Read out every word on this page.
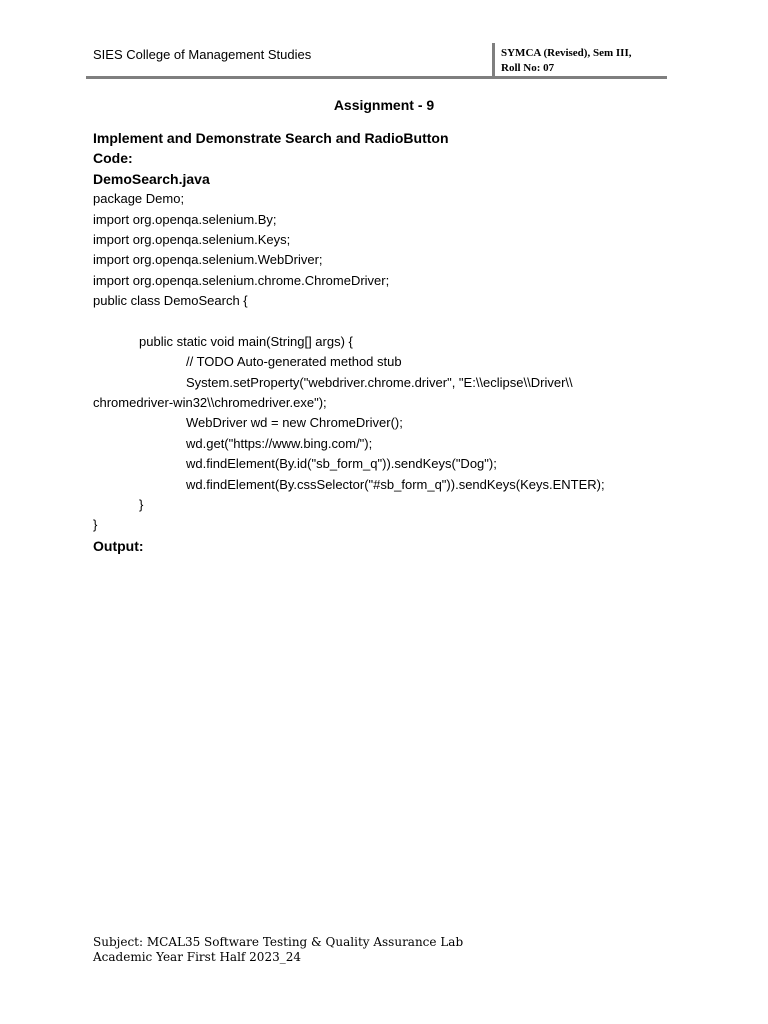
SIES College of Management Studies	SYMCA (Revised), Sem III,
Roll No: 07
Assignment - 9
Implement and Demonstrate Search and RadioButton
Code:
DemoSearch.java
package Demo;
import org.openqa.selenium.By;
import org.openqa.selenium.Keys;
import org.openqa.selenium.WebDriver;
import org.openqa.selenium.chrome.ChromeDriver;
public class DemoSearch {
public static void main(String[] args) {
// TODO Auto-generated method stub
System.setProperty("webdriver.chrome.driver", "E:\\eclipse\\Driver\\
chromedriver-win32\\chromedriver.exe");
WebDriver wd = new ChromeDriver();
wd.get("https://www.bing.com/");
wd.findElement(By.id("sb_form_q")).sendKeys("Dog");
wd.findElement(By.cssSelector("#sb_form_q")).sendKeys(Keys.ENTER);
}
}
Output:
Subject: MCAL35 Software Testing & Quality Assurance Lab
Academic Year First Half 2023_24
